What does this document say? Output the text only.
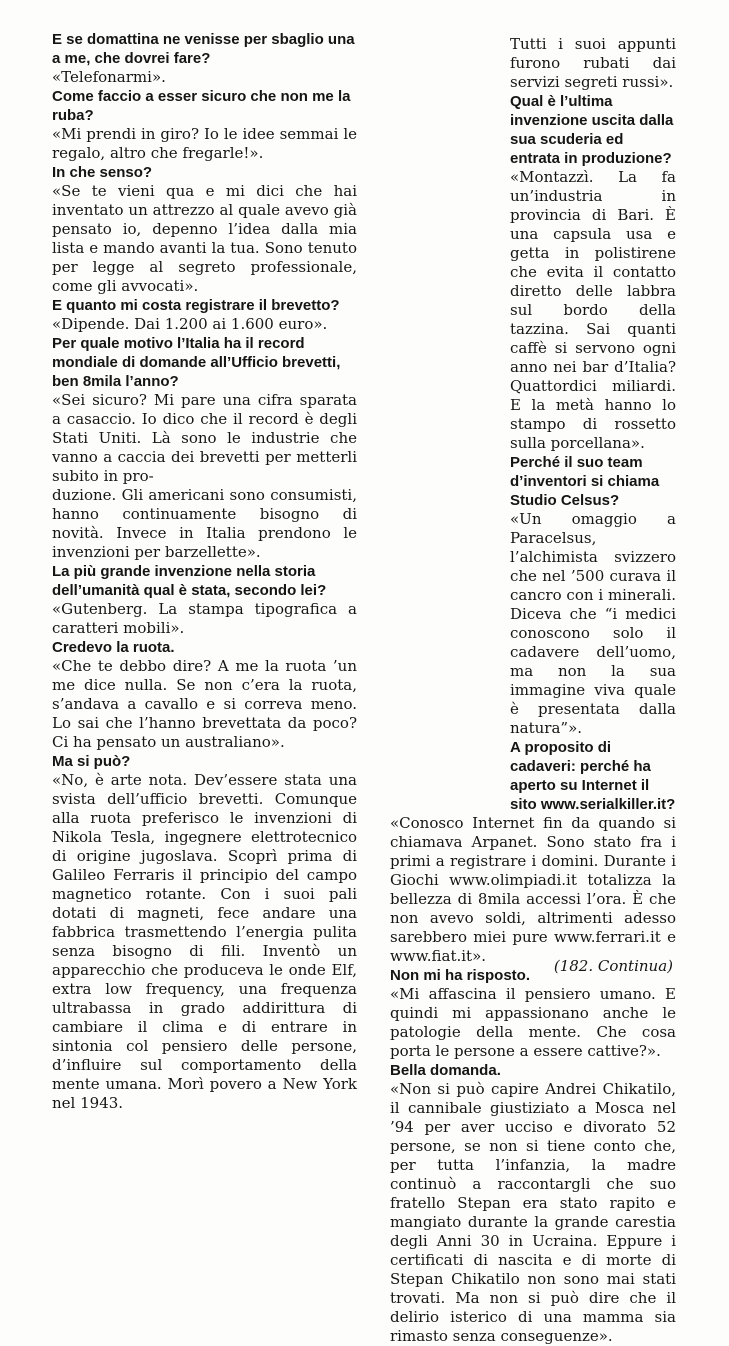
E se domattina ne venisse per sbaglio una a me, che dovrei fare?

«Telefonarmi».

Come faccio a esser sicuro che non me la ruba?

«Mi prendi in giro? Io le idee semmai le regalo, altro che fregarle!».

In che senso?

«Se te vieni qua e mi dici che hai inventato un attrezzo al quale avevo già pensato io, depenno l’idea dalla mia lista e mando avanti la tua. Sono tenuto per legge al segreto professionale, come gli avvocati».

E quanto mi costa registrare il brevetto?

«Dipende. Dai 1.200 ai 1.600 euro».

Per quale motivo l’Italia ha il record mondiale di domande all’Ufficio brevetti, ben 8mila l’anno?

«Sei sicuro? Mi pare una cifra sparata a casaccio. Io dico che il record è degli Stati Uniti. Là sono le industrie che vanno a caccia dei brevetti per metterli subito in pro-

duzione. Gli americani sono consumisti, hanno continuamente bisogno di novità. Invece in Italia prendono le invenzioni per barzellette».

La più grande invenzione nella storia dell’umanità qual è stata, secondo lei?

«Gutenberg. La stampa tipografica a caratteri mobili».

Credevo la ruota.

«Che te debbo dire? A me la ruota ’un me dice nulla. Se non c’era la ruota, s’andava a cavallo e si correva meno. Lo sai che l’hanno brevettata da poco? Ci ha pensato un australiano».

Ma si può?

«No, è arte nota. Dev’essere stata una svista dell’ufficio brevetti. Comunque alla ruota preferisco le invenzioni di Nikola Tesla, ingegnere elettrotecnico di origine jugoslava. Scoprì prima di Galileo Ferraris il principio del campo magnetico rotante. Con i suoi pali dotati di magneti, fece andare una fabbrica trasmettendo l’energia pulita senza bisogno di fili. Inventò un apparecchio che produceva le onde Elf, extra low frequency, una frequenza ultrabassa in grado addirittura di cambiare il clima e di entrare in sintonia col pensiero delle persone, d’influire sul comportamento della mente umana. Morì povero a New York nel 1943.

Tutti i suoi appunti furono rubati dai servizi segreti russi».

Qual è l’ultima invenzione uscita dalla sua scuderia ed entrata in produzione?

«Montazzì. La fa un’industria in provincia di Bari. È una capsula usa e getta in polistirene che evita il contatto diretto delle labbra sul bordo della tazzina. Sai quanti caffè si servono ogni anno nei bar d’Italia? Quattordici miliardi. E la metà hanno lo stampo di rossetto sulla porcellana».

Perché il suo team d’inventori si chiama Studio Celsus?

«Un omaggio a Paracelsus, l’alchimista svizzero che nel ’500 curava il cancro con i minerali. Diceva che “i medici conoscono solo il cadavere dell’uomo, ma non la sua immagine viva quale è presentata dalla natura”».

A proposito di cadaveri: perché ha aperto su Internet il sito www.serialkiller.it?

«Conosco Internet fin da quando si chiamava Arpanet. Sono stato fra i primi a registrare i domini. Durante i Giochi www.olimpiadi.it totalizza la bellezza di 8mila accessi l’ora. È che non avevo soldi, altrimenti adesso sarebbero miei pure www.ferrari.it e www.fiat.it».

Non mi ha risposto.

«Mi affascina il pensiero umano. E quindi mi appassionano anche le patologie della mente. Che cosa porta le persone a essere cattive?».

Bella domanda.

«Non si può capire Andrei Chikatilo, il cannibale giustiziato a Mosca nel ’94 per aver ucciso e divorato 52 persone, se non si tiene conto che, per tutta l’infanzia, la madre continuò a raccontargli che suo fratello Stepan era stato rapito e mangiato durante la grande carestia degli Anni 30 in Ucraina. Eppure i certificati di nascita e di morte di Stepan Chikatilo non sono mai stati trovati. Ma non si può dire che il delirio isterico di una mamma sia rimasto senza conseguenze».

(182. Continua)
